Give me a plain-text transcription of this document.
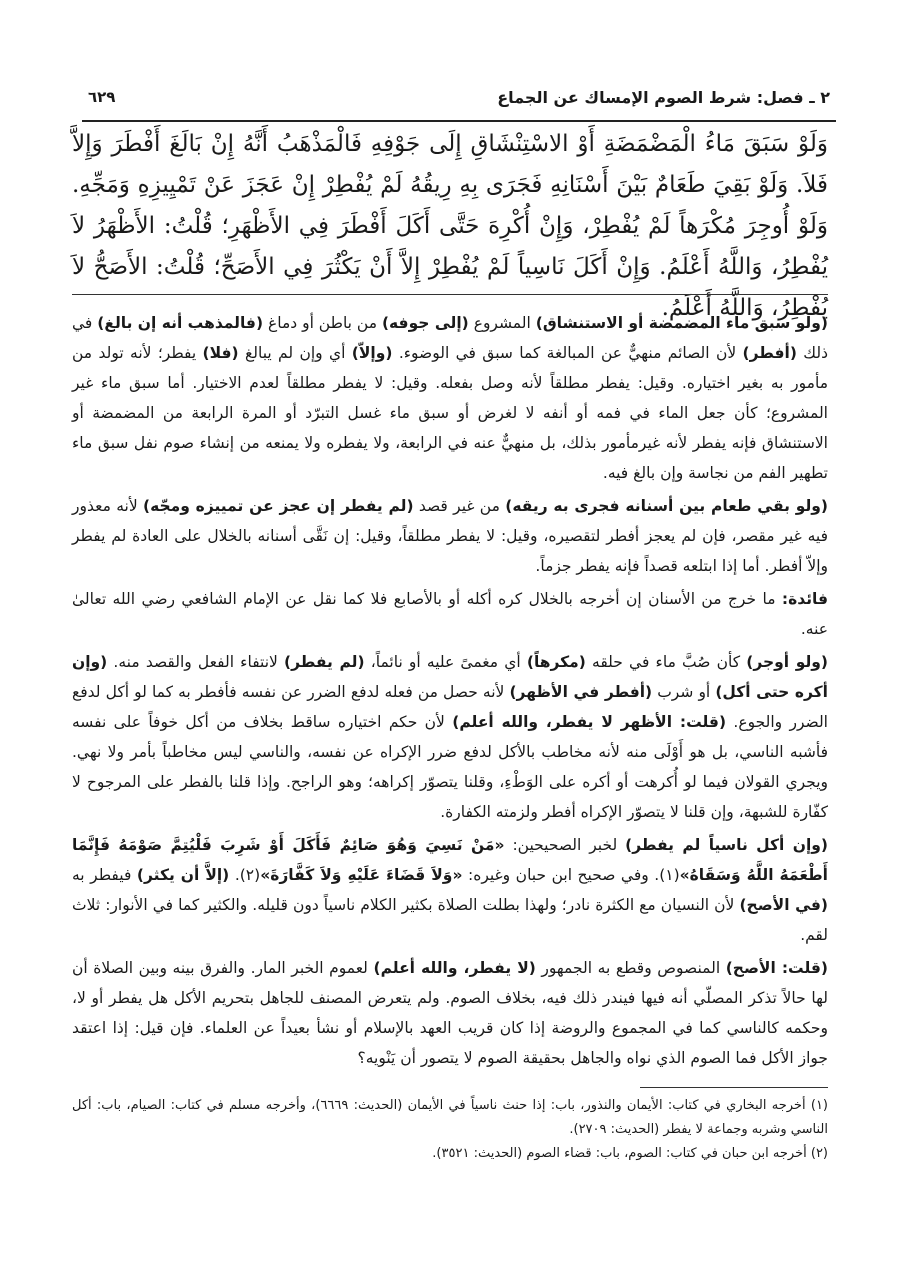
٢ ـ فصل: شرط الصوم الإمساك عن الجماع
٦٢٩
وَلَوْ سَبَقَ مَاءُ الْمَضْمَضَةِ أَوْ الاسْتِنْشَاقِ إِلَى جَوْفِهِ فَالْمَذْهَبُ أَنَّهُ إِنْ بَالَغَ أَفْطَرَ وَإِلاَّ فَلاَ. وَلَوْ بَقِيَ طَعَامٌ بَيْنَ أَسْنَانِهِ فَجَرَى بِهِ رِيقُهُ لَمْ يُفْطِرْ إِنْ عَجَزَ عَنْ تَمْيِيزِهِ وَمَجِّهِ. وَلَوْ أُوجِرَ مُكْرَهاً لَمْ يُفْطِرْ، وَإِنْ أُكْرِهَ حَتَّى أَكَلَ أَفْطَرَ فِي الأَظْهَرِ؛ قُلْتُ: الأَظْهَرُ لاَ يُفْطِرُ، وَاللَّهُ أَعْلَمُ. وَإِنْ أَكَلَ نَاسِياً لَمْ يُفْطِرْ إِلاَّ أَنْ يَكْثُرَ فِي الأَصَحِّ؛ قُلْتُ: الأَصَحُّ لاَ يُفْطِرُ، وَاللَّهُ أَعْلَمُ.

(ولو سبق ماء المضمضة أو الاستنشاق) المشروع (إلى جوفه) من باطن أو دماغ (فالمذهب أنه إن بالغ) في ذلك (أفطر) لأن الصائم منهيٌّ عن المبالغة كما سبق في الوضوء. (وإلاّ) أي وإن لم يبالغ (فلا) يفطر؛ لأنه تولد من مأمور به بغير اختياره. وقيل: يفطر مطلقاً لأنه وصل بفعله. وقيل: لا يفطر مطلقاً لعدم الاختيار. أما سبق ماء غير المشروع؛ كأن جعل الماء في فمه أو أنفه لا لغرض أو سبق ماء غسل التبرّد أو المرة الرابعة من المضمضة أو الاستنشاق فإنه يفطر لأنه غيرمأمور بذلك، بل منهيٌّ عنه في الرابعة، ولا يفطره ولا يمنعه من إنشاء صوم نفل سبق ماء تطهير الفم من نجاسة وإن بالغ فيه.

(ولو بقي طعام بين أسنانه فجرى به ريقه) من غير قصد (لم يفطر إن عجز عن تمييزه ومجّه) لأنه معذور فيه غير مقصر، فإن لم يعجز أفطر لتقصيره، وقيل: لا يفطر مطلقاً، وقيل: إن نَقَّى أسنانه بالخلال على العادة لم يفطر وإلاّ أفطر. أما إذا ابتلعه قصداً فإنه يفطر جزماً.

فائدة: ما خرج من الأسنان إن أخرجه بالخلال كره أكله أو بالأصابع فلا كما نقل عن الإمام الشافعي رضي الله تعالىٰ عنه.

(ولو أوجر) كأن صُبَّ ماء في حلقه (مكرهاً) أي مغمىً عليه أو نائماً، (لم يفطر) لانتفاء الفعل والقصد منه. (وإن أكره حتى أكل) أو شرب (أفطر في الأظهر) لأنه حصل من فعله لدفع الضرر عن نفسه فأفطر به كما لو أكل لدفع الضرر والجوع. (قلت: الأظهر لا يفطر، والله أعلم) لأن حكم اختياره ساقط بخلاف من أكل خوفاً على نفسه فأشبه الناسي، بل هو أَوْلَى منه لأنه مخاطب بالأكل لدفع ضرر الإكراه عن نفسه، والناسي ليس مخاطباً بأمر ولا نهي. ويجري القولان فيما لو أُكرهت أو أكره على الوَطْءِ، وقلنا يتصوّر إكراهه؛ وهو الراجح. وإذا قلنا بالفطر على المرجوح لا كفّارة للشبهة، وإن قلنا لا يتصوّر الإكراه أفطر ولزمته الكفارة.

(وإن أكل ناسياً لم يفطر) لخبر الصحيحين: «مَنْ نَسِيَ وَهُوَ صَائِمٌ فَأَكَلَ أَوْ شَرِبَ فَلْيُتِمَّ صَوْمَهُ فَإِنَّمَا أَطْعَمَهُ اللَّهُ وَسَقَاهُ»(١). وفي صحيح ابن حبان وغيره: «وَلاَ قَضَاءَ عَلَيْهِ وَلاَ كَفَّارَةَ»(٢). (إلاَّ أن يكثر) فيفطر به (في الأصح) لأن النسيان مع الكثرة نادر؛ ولهذا بطلت الصلاة بكثير الكلام ناسياً دون قليله. والكثير كما في الأنوار: ثلاث لقم.

(قلت: الأصح) المنصوص وقطع به الجمهور (لا يفطر، والله أعلم) لعموم الخبر المار. والفرق بينه وبين الصلاة أن لها حالاً تذكر المصلّي أنه فيها فيندر ذلك فيه، بخلاف الصوم. ولم يتعرض المصنف للجاهل بتحريم الأكل هل يفطر أو لا، وحكمه كالناسي كما في المجموع والروضة إذا كان قريب العهد بالإسلام أو نشأ بعيداً عن العلماء. فإن قيل: إذا اعتقد جواز الأكل فما الصوم الذي نواه والجاهل بحقيقة الصوم لا يتصور أن يَنْويه؟

(١) أخرجه البخاري في كتاب: الأيمان والنذور، باب: إذا حنث ناسياً في الأيمان (الحديث: ٦٦٦٩)، وأخرجه مسلم في كتاب: الصيام، باب: أكل الناسي وشربه وجماعة لا يفطر (الحديث: ٢٧٠٩).

(٢) أخرجه ابن حبان في كتاب: الصوم، باب: قضاء الصوم (الحديث: ٣٥٢١).
